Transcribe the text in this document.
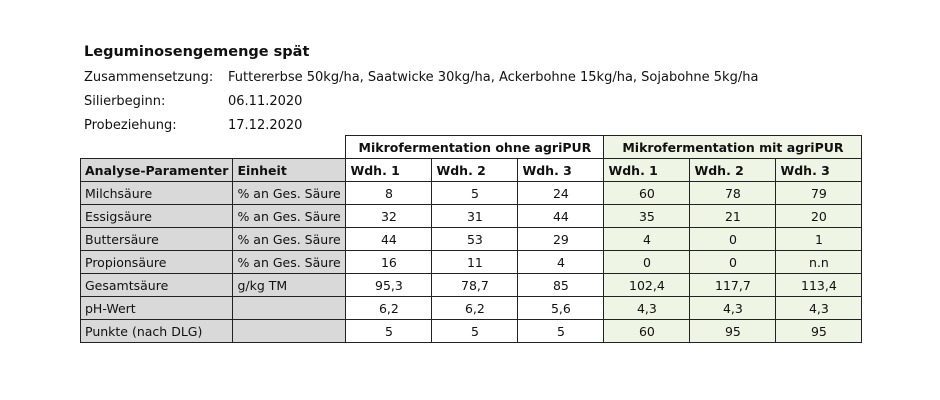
Leguminosengemenge spät
Zusammensetzung: Futtererbse 50kg/ha, Saatwicke 30kg/ha, Ackerbohne 15kg/ha, Sojabohne 5kg/ha
Silierbeginn:	06.11.2020
Probeziehung:	17.12.2020
		Mikrofermentation ohne agriPUR			Mikrofermentation mit agriPUR		
Analyse-Paramenter	Einheit	Wdh. 1	Wdh. 2	Wdh. 3	Wdh. 1	Wdh. 2	Wdh. 3
Milchsäure	% an Ges. Säure	8	5	24	60	78	79
Essigsäure	% an Ges. Säure	32	31	44	35	21	20
Buttersäure	% an Ges. Säure	44	53	29	4	0	1
Propionsäure	% an Ges. Säure	16	11	4	0	0	n.n
Gesamtsäure	g/kg TM	95,3	78,7	85	102,4	117,7	113,4
pH-Wert		6,2	6,2	5,6	4,3	4,3	4,3
Punkte (nach DLG)		5	5	5	60	95	95
